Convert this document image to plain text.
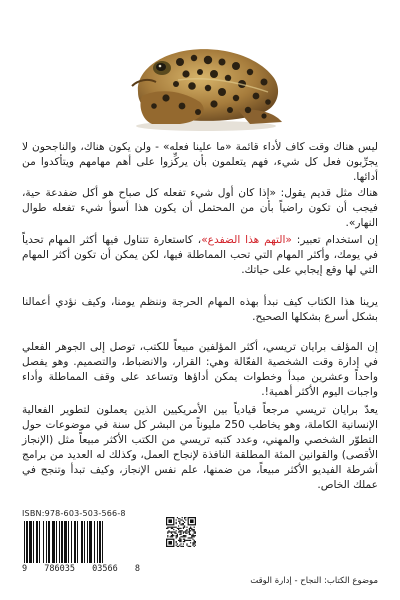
ليس هناك وقت كاف لأداء قائمة «ما علينا فعله» - ولن يكون هناك، والناجحون لا يجرِّبون فعل كل شيء، فهم يتعلمون بأن يركِّزوا على أهم مهامهم ويتأكدوا من أدائها.

هناك مثل قديم يقول: «إذا كان أول شيء تفعله كل صباح هو أكل ضفدعة حية، فيجب أن تكون راضياً بأن من المحتمل أن يكون هذا أسوأ شيء تفعله طوال النهار».

إن استخدام تعبير: «التهم هذا الضفدع»، كاستعارة تتناول فيها أكثر المهام تحدياً في يومك، وأكثر المهام التي تحب المماطلة فيها، لكن يمكن أن تكون أكثر المهام التي لها وقع إيجابي على حياتك.

يرينا هذا الكتاب كيف نبدأ بهذه المهام الحرجة وننظم يومنا، وكيف نؤدي أعمالنا بشكل أسرع بشكلها الصحيح.

إن المؤلف برايان تريسي، أكثر المؤلفين مبيعاً للكتب، توصل إلى الجوهر الفعلي في إدارة وقت الشخصية الفعّالة وهي: القرار، والانضباط، والتصميم. وهو يفصل واحداً وعشرين مبدأ وخطوات يمكن أداؤها وتساعد على وقف المماطلة وأداء واجبات اليوم الأكثر أهمية!.

يعدّ برايان تريسي مرجعاً قيادياً بين الأمريكيين الذين يعملون لتطوير الفعالية الإنسانية الكاملة، وهو يخاطب 250 مليوناً من البشر كل سنة في موضوعات حول التطوّر الشخصي والمهني، وعدد كتبه تريسي من الكتب الأكثر مبيعاً مثل (الإنجاز الأقصى) والقوانين المئة المطلقة النافذة لإنجاح العمل، وكذلك له العديد من برامج أشرطة الفيديو الأكثر مبيعاً، من ضمنها، علم نفس الإنجاز، وكيف تبدأ وتنجح في عملك الخاص.

ISBN:978-603-503-566-8
9 786035 03566 8
موضوع الكتاب: النجاح - إدارة الوقت
